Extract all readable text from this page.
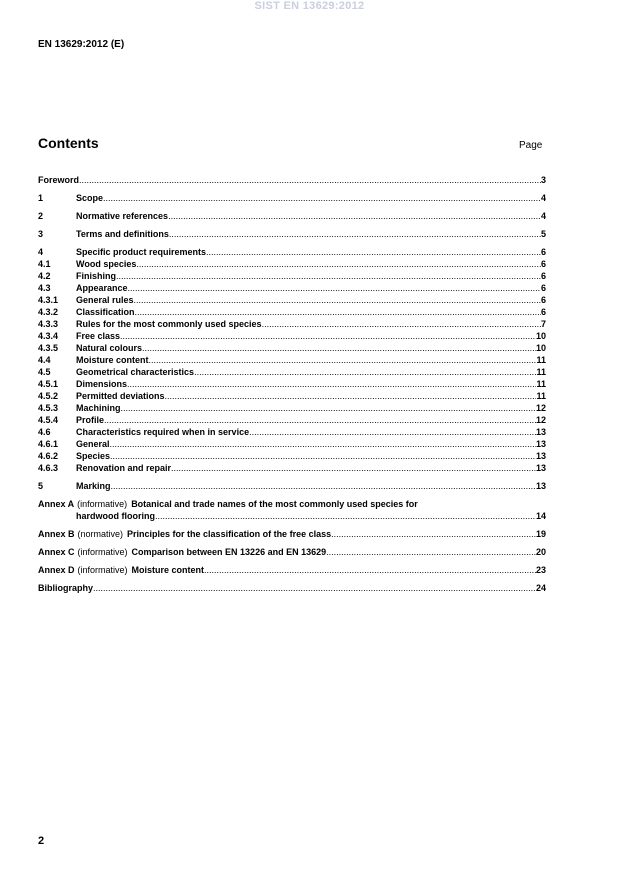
SIST EN 13629:2012
EN 13629:2012 (E)
Contents	Page
Foreword .....	3
1	Scope .....	4
2	Normative references .....	4
3	Terms and definitions .....	5
4	Specific product requirements .....	6
4.1	Wood species .....	6
4.2	Finishing .....	6
4.3	Appearance .....	6
4.3.1	General rules .....	6
4.3.2	Classification .....	6
4.3.3	Rules for the most commonly used species .....	7
4.3.4	Free class .....	10
4.3.5	Natural colours .....	10
4.4	Moisture content .....	11
4.5	Geometrical characteristics .....	11
4.5.1	Dimensions .....	11
4.5.2	Permitted deviations .....	11
4.5.3	Machining .....	12
4.5.4	Profile .....	12
4.6	Characteristics required when in service .....	13
4.6.1	General .....	13
4.6.2	Species .....	13
4.6.3	Renovation and repair .....	13
5	Marking .....	13
Annex A (informative) Botanical and trade names of the most commonly used species for
hardwood flooring .....	14
Annex B (normative) Principles for the classification of the free class .....	19
Annex C (informative) Comparison between EN 13226 and EN 13629 .....	20
Annex D (informative) Moisture content .....	23
Bibliography .....	24
2
